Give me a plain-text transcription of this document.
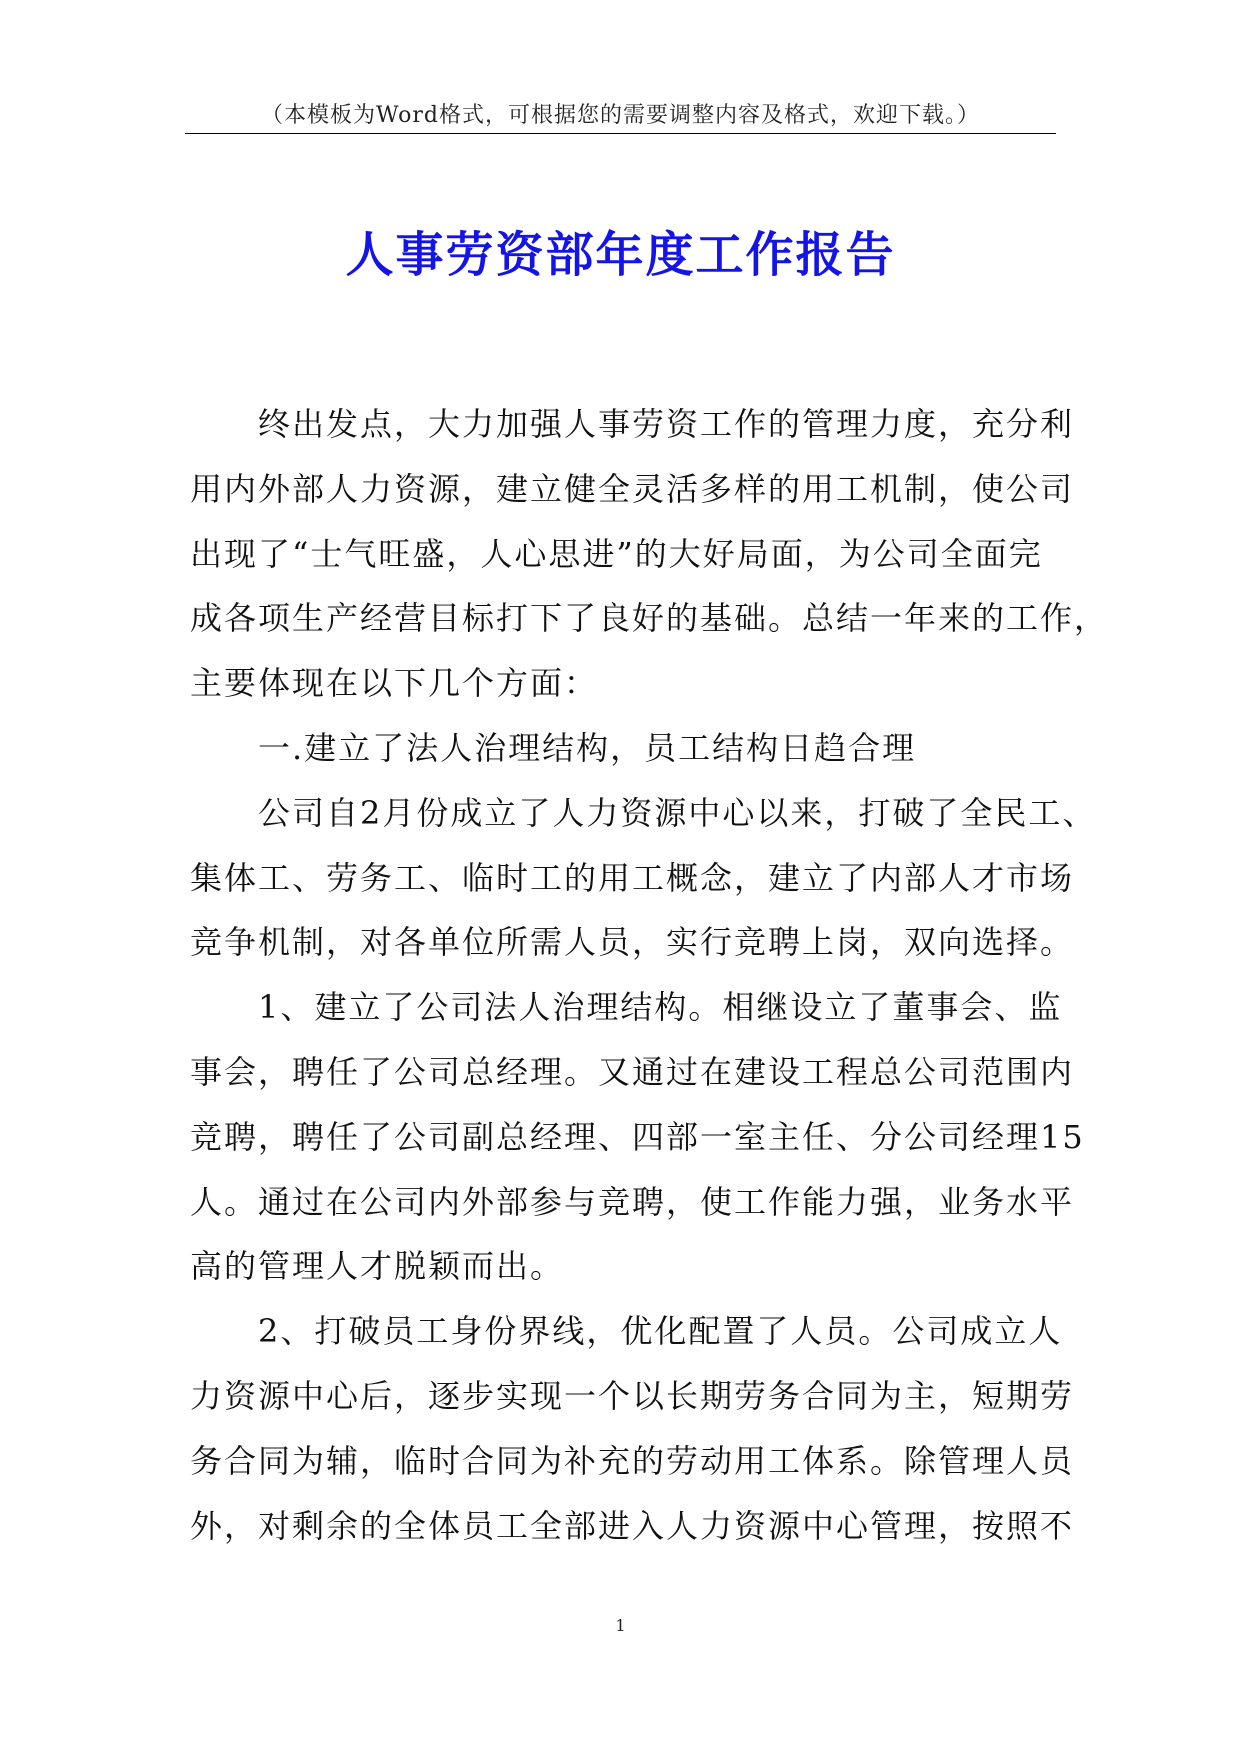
（本模板为Word格式，可根据您的需要调整内容及格式，欢迎下载。）
人事劳资部年度工作报告
终出发点，大力加强人事劳资工作的管理力度，充分利
用内外部人力资源，建立健全灵活多样的用工机制，使公司
出现了“士气旺盛，人心思进”的大好局面，为公司全面完
成各项生产经营目标打下了良好的基础。总结一年来的工作，
主要体现在以下几个方面：
一.建立了法人治理结构，员工结构日趋合理
公司自2月份成立了人力资源中心以来，打破了全民工、
集体工、劳务工、临时工的用工概念，建立了内部人才市场
竞争机制，对各单位所需人员，实行竞聘上岗，双向选择。
1、建立了公司法人治理结构。相继设立了董事会、监
事会，聘任了公司总经理。又通过在建设工程总公司范围内
竞聘，聘任了公司副总经理、四部一室主任、分公司经理15
人。通过在公司内外部参与竞聘，使工作能力强，业务水平
高的管理人才脱颖而出。
2、打破员工身份界线，优化配置了人员。公司成立人
力资源中心后，逐步实现一个以长期劳务合同为主，短期劳
务合同为辅，临时合同为补充的劳动用工体系。除管理人员
外，对剩余的全体员工全部进入人力资源中心管理，按照不
1
